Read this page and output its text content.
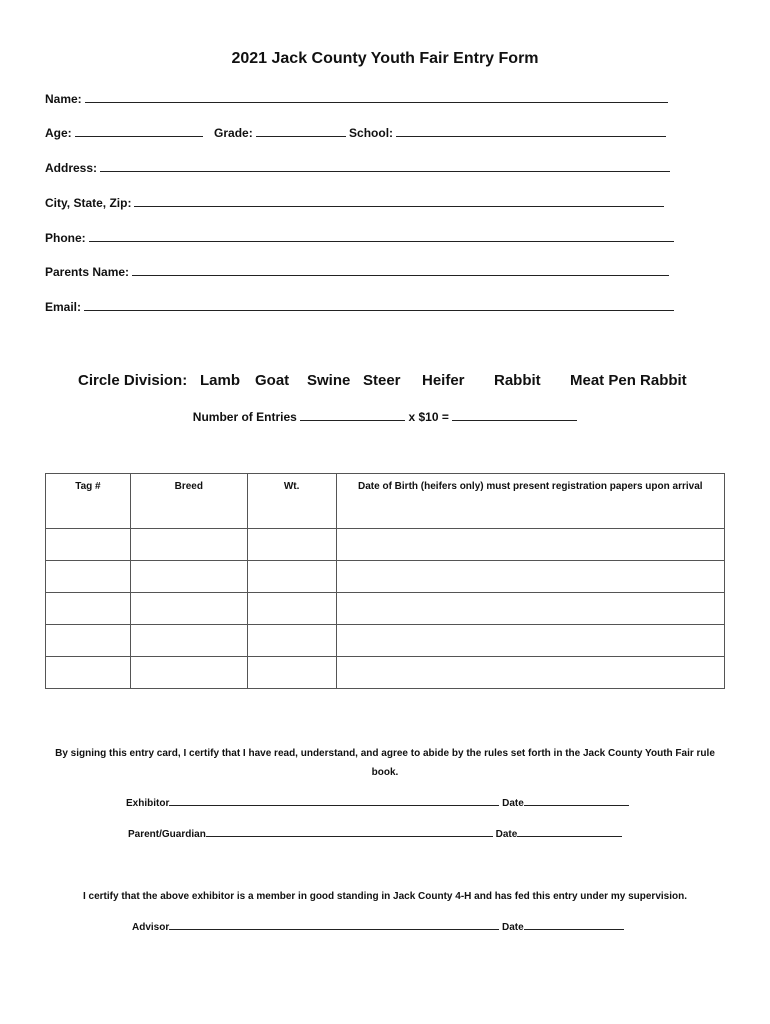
2021 Jack County Youth Fair Entry Form
Name:
Age:	Grade:	School:
Address:
City, State, Zip:
Phone:
Parents Name:
Email:
Circle Division: Lamb Goat Swine Steer Heifer Rabbit Meat Pen Rabbit
Number of Entries	x $10 =
Tag #	Breed	Wt.	Date of Birth (heifers only) must present registration papers upon arrival

By signing this entry card, I certify that I have read, understand, and agree to abide by the rules set forth in the Jack County Youth Fair rule book.
Exhibitor	Date
Parent/Guardian	Date
I certify that the above exhibitor is a member in good standing in Jack County 4-H and has fed this entry under my supervision.
Advisor	Date
